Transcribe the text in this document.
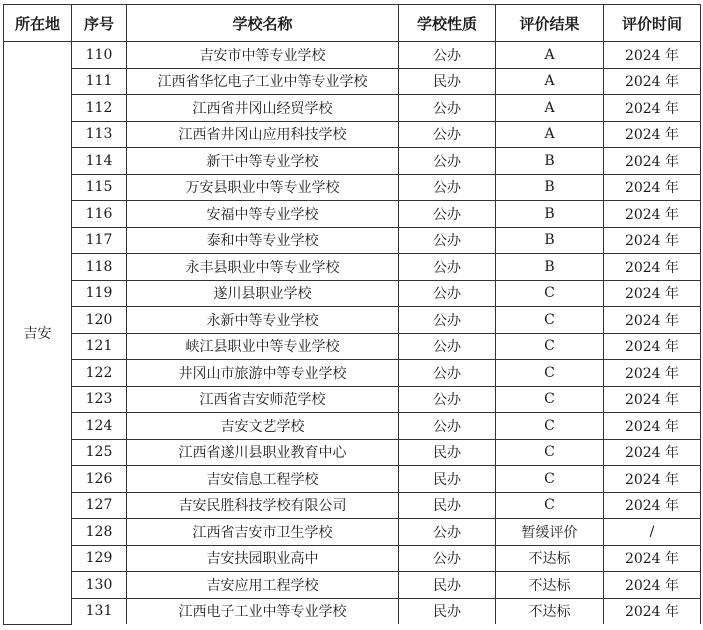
所在地	序号	学校名称	学校性质	评价结果	评价时间
吉安	110	吉安市中等专业学校	公办	A	2024 年
	111	江西省华忆电子工业中等专业学校	民办	A	2024 年
	112	江西省井冈山经贸学校	公办	A	2024 年
	113	江西省井冈山应用科技学校	公办	A	2024 年
	114	新干中等专业学校	公办	B	2024 年
	115	万安县职业中等专业学校	公办	B	2024 年
	116	安福中等专业学校	公办	B	2024 年
	117	泰和中等专业学校	公办	B	2024 年
	118	永丰县职业中等专业学校	公办	B	2024 年
	119	遂川县职业学校	公办	C	2024 年
	120	永新中等专业学校	公办	C	2024 年
	121	峡江县职业中等专业学校	公办	C	2024 年
	122	井冈山市旅游中等专业学校	公办	C	2024 年
	123	江西省吉安师范学校	公办	C	2024 年
	124	吉安文艺学校	公办	C	2024 年
	125	江西省遂川县职业教育中心	民办	C	2024 年
	126	吉安信息工程学校	民办	C	2024 年
	127	吉安民胜科技学校有限公司	民办	C	2024 年
	128	江西省吉安市卫生学校	公办	暂缓评价	/
	129	吉安扶园职业高中	公办	不达标	2024 年
	130	吉安应用工程学校	民办	不达标	2024 年
	131	江西电子工业中等专业学校	民办	不达标	2024 年
